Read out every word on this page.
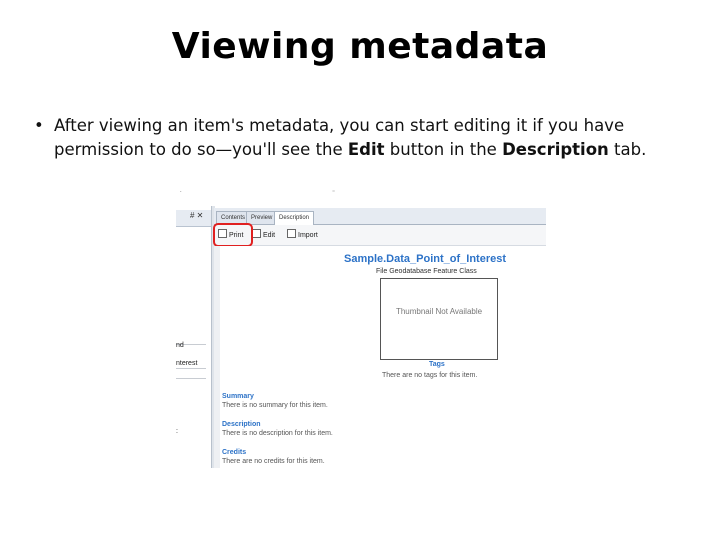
Viewing metadata
• After viewing an item's metadata, you can start editing it if you have permission to do so—you'll see the Edit button in the Description tab.
.	⁼
# ✕
nd
nterest
:
Contents Preview	Description
Print	Edit	Import
Sample.Data_Point_of_Interest
File Geodatabase Feature Class
Thumbnail Not Available
Tags
There are no tags for this item.
Summary
There is no summary for this item.
Description
There is no description for this item.
Credits
There are no credits for this item.
